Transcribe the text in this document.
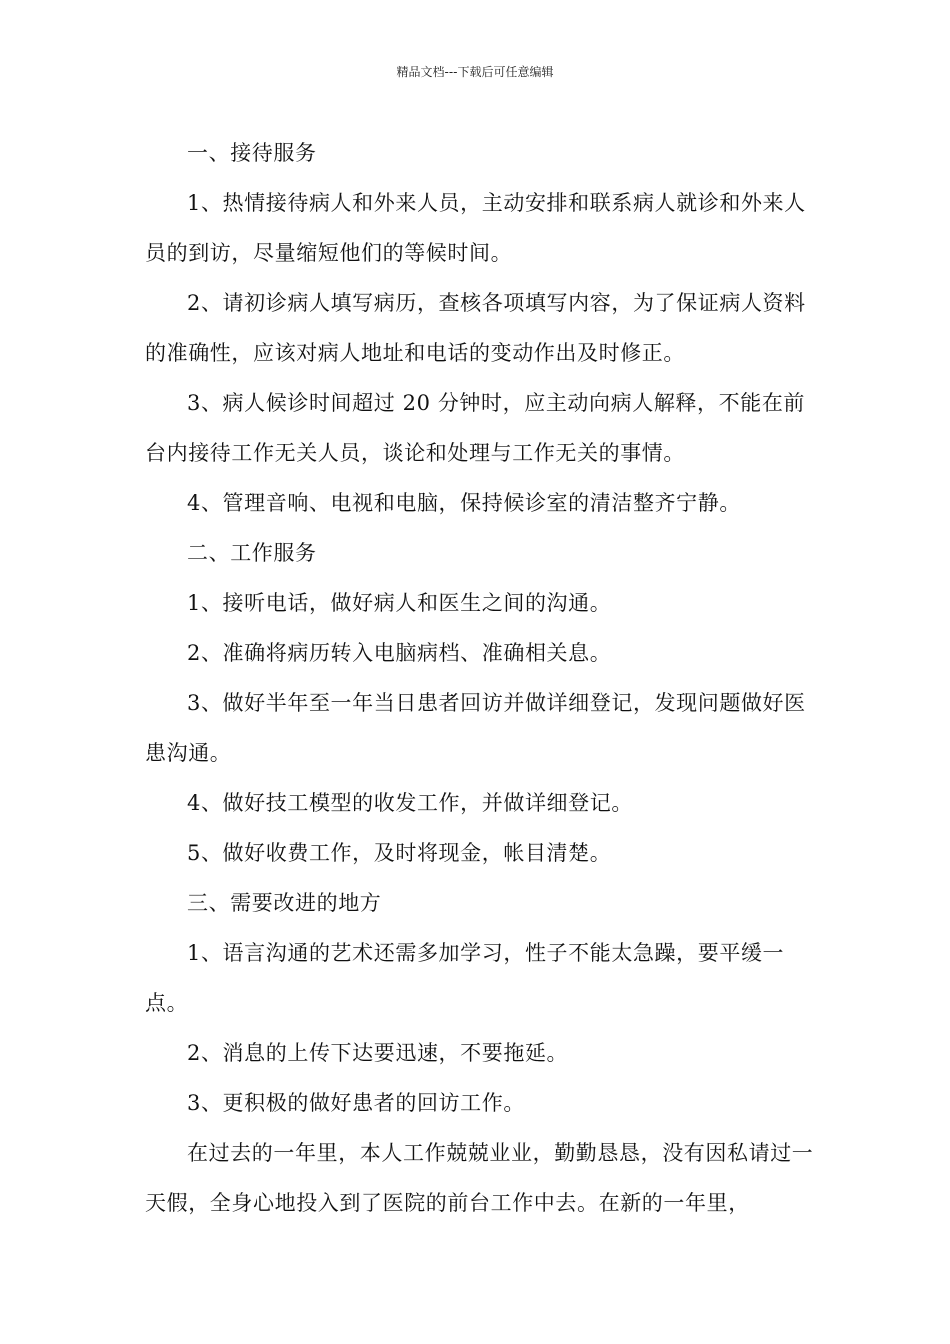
精品文档---下载后可任意编辑

一、接待服务

1、热情接待病人和外来人员，主动安排和联系病人就诊和外来人员的到访，尽量缩短他们的等候时间。

2、请初诊病人填写病历，查核各项填写内容，为了保证病人资料的准确性，应该对病人地址和电话的变动作出及时修正。

3、病人候诊时间超过 20 分钟时，应主动向病人解释，不能在前台内接待工作无关人员，谈论和处理与工作无关的事情。

4、管理音响、电视和电脑，保持候诊室的清洁整齐宁静。

二、工作服务

1、接听电话，做好病人和医生之间的沟通。

2、准确将病历转入电脑病档、准确相关息。

3、做好半年至一年当日患者回访并做详细登记，发现问题做好医患沟通。

4、做好技工模型的收发工作，并做详细登记。

5、做好收费工作，及时将现金，帐目清楚。

三、需要改进的地方

1、语言沟通的艺术还需多加学习，性子不能太急躁，要平缓一点。

2、消息的上传下达要迅速，不要拖延。

3、更积极的做好患者的回访工作。

在过去的一年里，本人工作兢兢业业，勤勤恳恳，没有因私请过一天假，全身心地投入到了医院的前台工作中去。在新的一年里，
